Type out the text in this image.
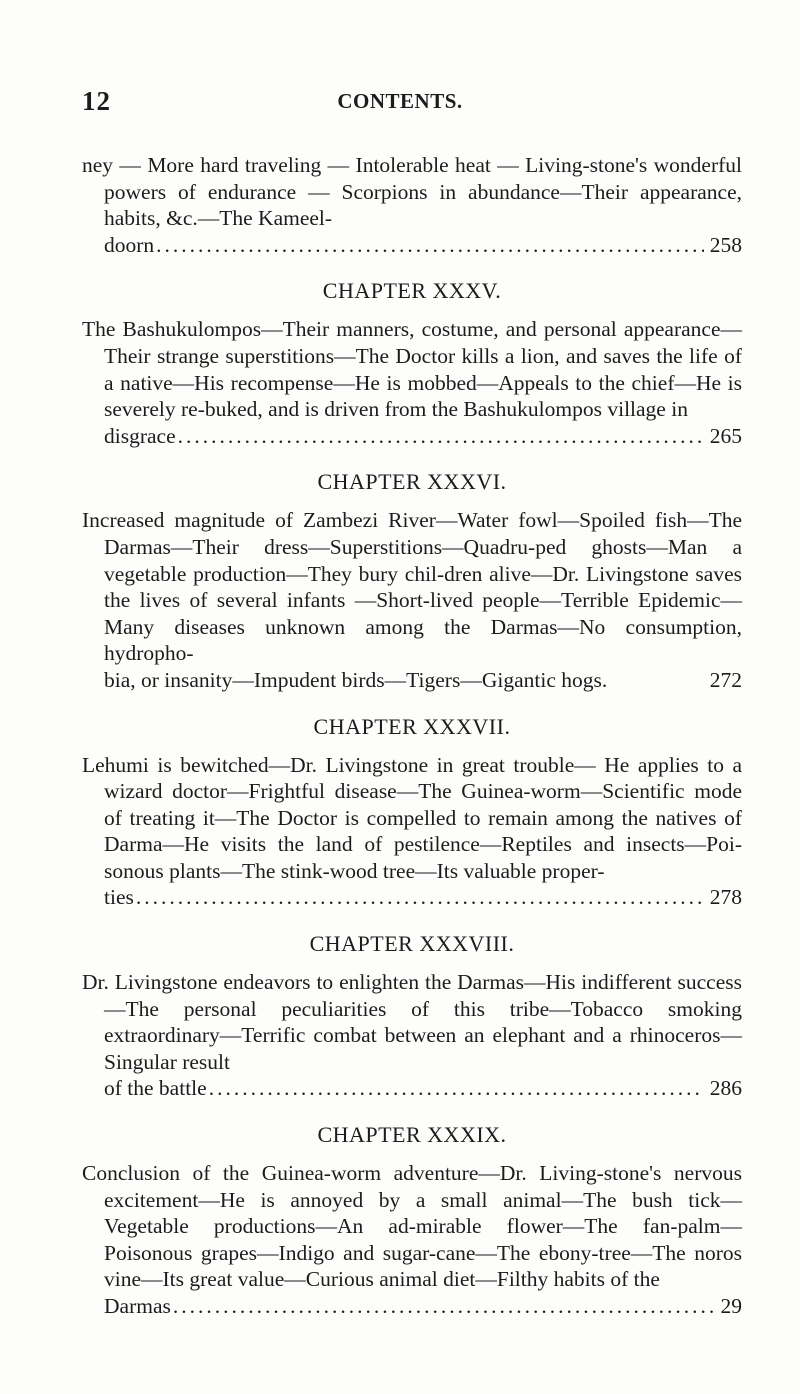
12	CONTENTS.

ney — More hard traveling — Intolerable heat — Living-stone's wonderful powers of endurance — Scorpions in abundance—Their appearance, habits, &c.—The Kameel-
doorn .....	258

CHAPTER XXXV.

The Bashukulompos—Their manners, costume, and personal appearance—Their strange superstitions—The Doctor kills a lion, and saves the life of a native—His recompense—He is mobbed—Appeals to the chief—He is severely re-buked, and is driven from the Bashukulompos village in
disgrace .....	265

CHAPTER XXXVI.

Increased magnitude of Zambezi River—Water fowl—Spoiled fish—The Darmas—Their dress—Superstitions—Quadru-ped ghosts—Man a vegetable production—They bury chil-dren alive—Dr. Livingstone saves the lives of several infants —Short-lived people—Terrible Epidemic—Many diseases unknown among the Darmas—No consumption, hydropho-
bia, or insanity—Impudent birds—Tigers—Gigantic hogs.	272

CHAPTER XXXVII.

Lehumi is bewitched—Dr. Livingstone in great trouble— He applies to a wizard doctor—Frightful disease—The Guinea-worm—Scientific mode of treating it—The Doctor is compelled to remain among the natives of Darma—He visits the land of pestilence—Reptiles and insects—Poi-sonous plants—The stink-wood tree—Its valuable proper-
ties .....	278

CHAPTER XXXVIII.

Dr. Livingstone endeavors to enlighten the Darmas—His indifferent success—The personal peculiarities of this tribe—Tobacco smoking extraordinary—Terrific combat between an elephant and a rhinoceros—Singular result
of the battle .....	286

CHAPTER XXXIX.

Conclusion of the Guinea-worm adventure—Dr. Living-stone's nervous excitement—He is annoyed by a small animal—The bush tick—Vegetable productions—An ad-mirable flower—The fan-palm—Poisonous grapes—Indigo and sugar-cane—The ebony-tree—The noros vine—Its great value—Curious animal diet—Filthy habits of the
Darmas .....	29
